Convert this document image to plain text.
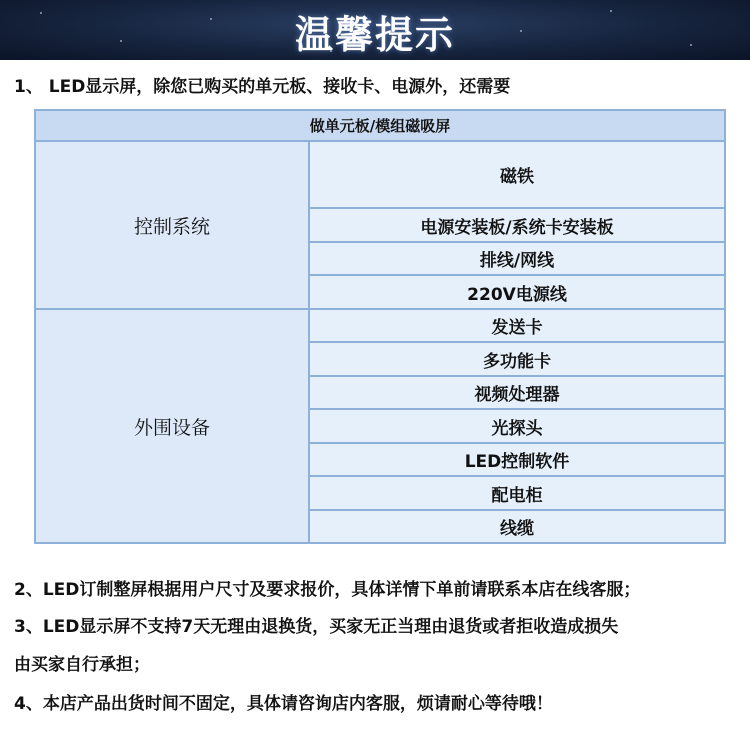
温馨提示
1、 LED显示屏，除您已购买的单元板、接收卡、电源外，还需要
做单元板/模组磁吸屏	
控制系统	磁铁
	电源安装板/系统卡安装板
	排线/网线
	220V电源线
外围设备	发送卡
	多功能卡
	视频处理器
	光探头
	LED控制软件
	配电柜
	线缆
2、LED订制整屏根据用户尺寸及要求报价，具体详情下单前请联系本店在线客服；
3、LED显示屏不支持7天无理由退换货，买家无正当理由退货或者拒收造成损失
由买家自行承担；
4、本店产品出货时间不固定，具体请咨询店内客服，烦请耐心等待哦！
